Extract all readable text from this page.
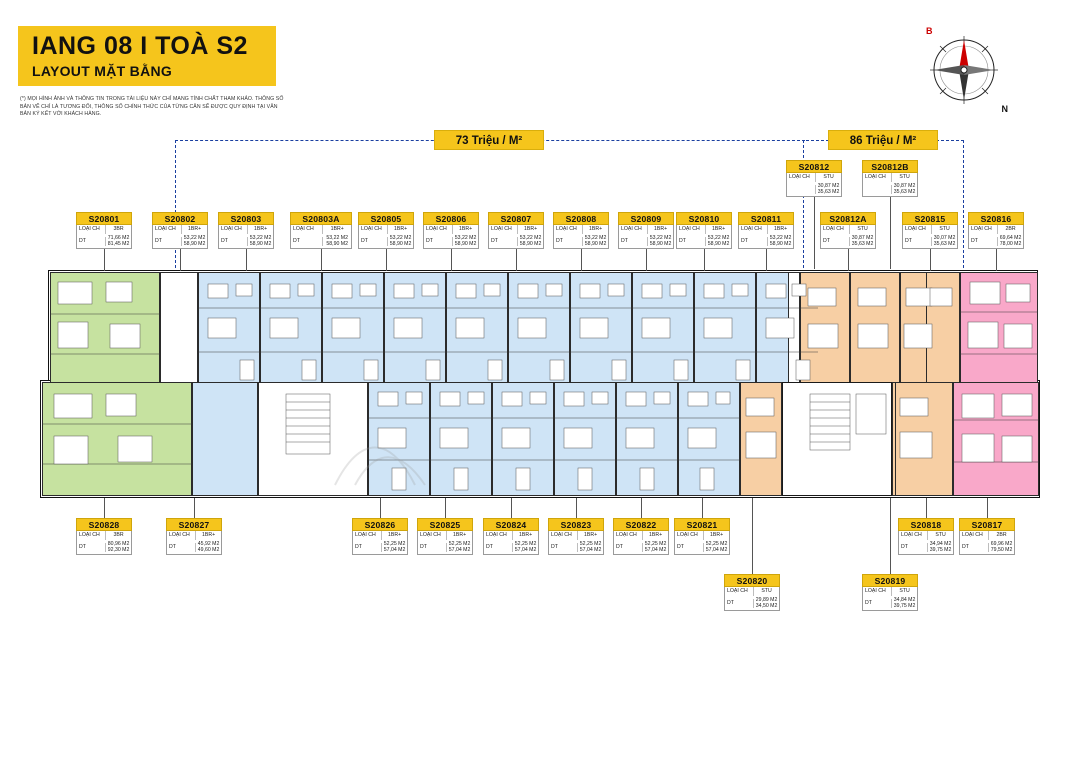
IANG 08 I TOÀ S2
LAYOUT MẶT BẰNG
(*) MỌI HÌNH ẢNH VÀ THÔNG TIN TRONG TÀI LIỆU NÀY CHỈ MANG TÍNH CHẤT THAM KHẢO. THÔNG SỐ BẢN VẼ CHỈ LÀ TƯƠNG ĐỐI, THÔNG SỐ CHÍNH THỨC CỦA TỪNG CĂN SẼ ĐƯỢC QUY ĐỊNH TẠI VĂN BẢN KÝ KẾT VỚI KHÁCH HÀNG.
B
N
73 Triệu / M²	86 Triệu / M²
S20812
LOẠI CH	STU

30,87 M2
35,63 M2
S20812B
LOẠI CH	STU

30,87 M2
35,63 M2
S20801
LOẠI CH	3BR
DT	71,66 M2
81,45 M2
S20802
LOẠI CH	1BR+
DT	53,22 M2
58,90 M2
S20803
LOẠI CH	1BR+
DT	53,22 M2
58,90 M2
S20803A
LOẠI CH	1BR+
DT	53,22 M2
58,90 M2
S20805
LOẠI CH	1BR+
DT	53,22 M2
58,90 M2
S20806
LOẠI CH	1BR+
DT	53,22 M2
58,90 M2
S20807
LOẠI CH	1BR+
DT	53,22 M2
58,90 M2
S20808
LOẠI CH	1BR+
DT	53,22 M2
58,90 M2
S20809
LOẠI CH	1BR+
DT	53,22 M2
58,90 M2
S20810
LOẠI CH	1BR+
DT	53,22 M2
58,90 M2
S20811
LOẠI CH	1BR+
DT	53,22 M2
58,90 M2
S20812A
LOẠI CH	STU
DT	30,87 M2
35,63 M2
S20815
LOẠI CH	STU
DT	30,07 M2
35,63 M2
S20816
LOẠI CH	2BR
DT	69,64 M2
78,00 M2
S20828
LOẠI CH	3BR
DT	80,96 M2
92,30 M2
S20827
LOẠI CH	1BR+
DT	45,92 M2
49,60 M2
S20826
LOẠI CH	1BR+
DT	52,25 M2
57,04 M2
S20825
LOẠI CH	1BR+
DT	52,25 M2
57,04 M2
S20824
LOẠI CH	1BR+
DT	52,25 M2
57,04 M2
S20823
LOẠI CH	1BR+
DT	52,25 M2
57,04 M2
S20822
LOẠI CH	1BR+
DT	52,25 M2
57,04 M2
S20821
LOẠI CH	1BR+
DT	52,25 M2
57,04 M2
S20818
LOẠI CH	STU
DT	34,94 M2
39,75 M2
S20817
LOẠI CH	2BR
DT	69,96 M2
79,50 M2
S20820
LOẠI CH	STU
DT	29,89 M2
34,50 M2
S20819
LOẠI CH	STU
DT	34,84 M2
39,75 M2
